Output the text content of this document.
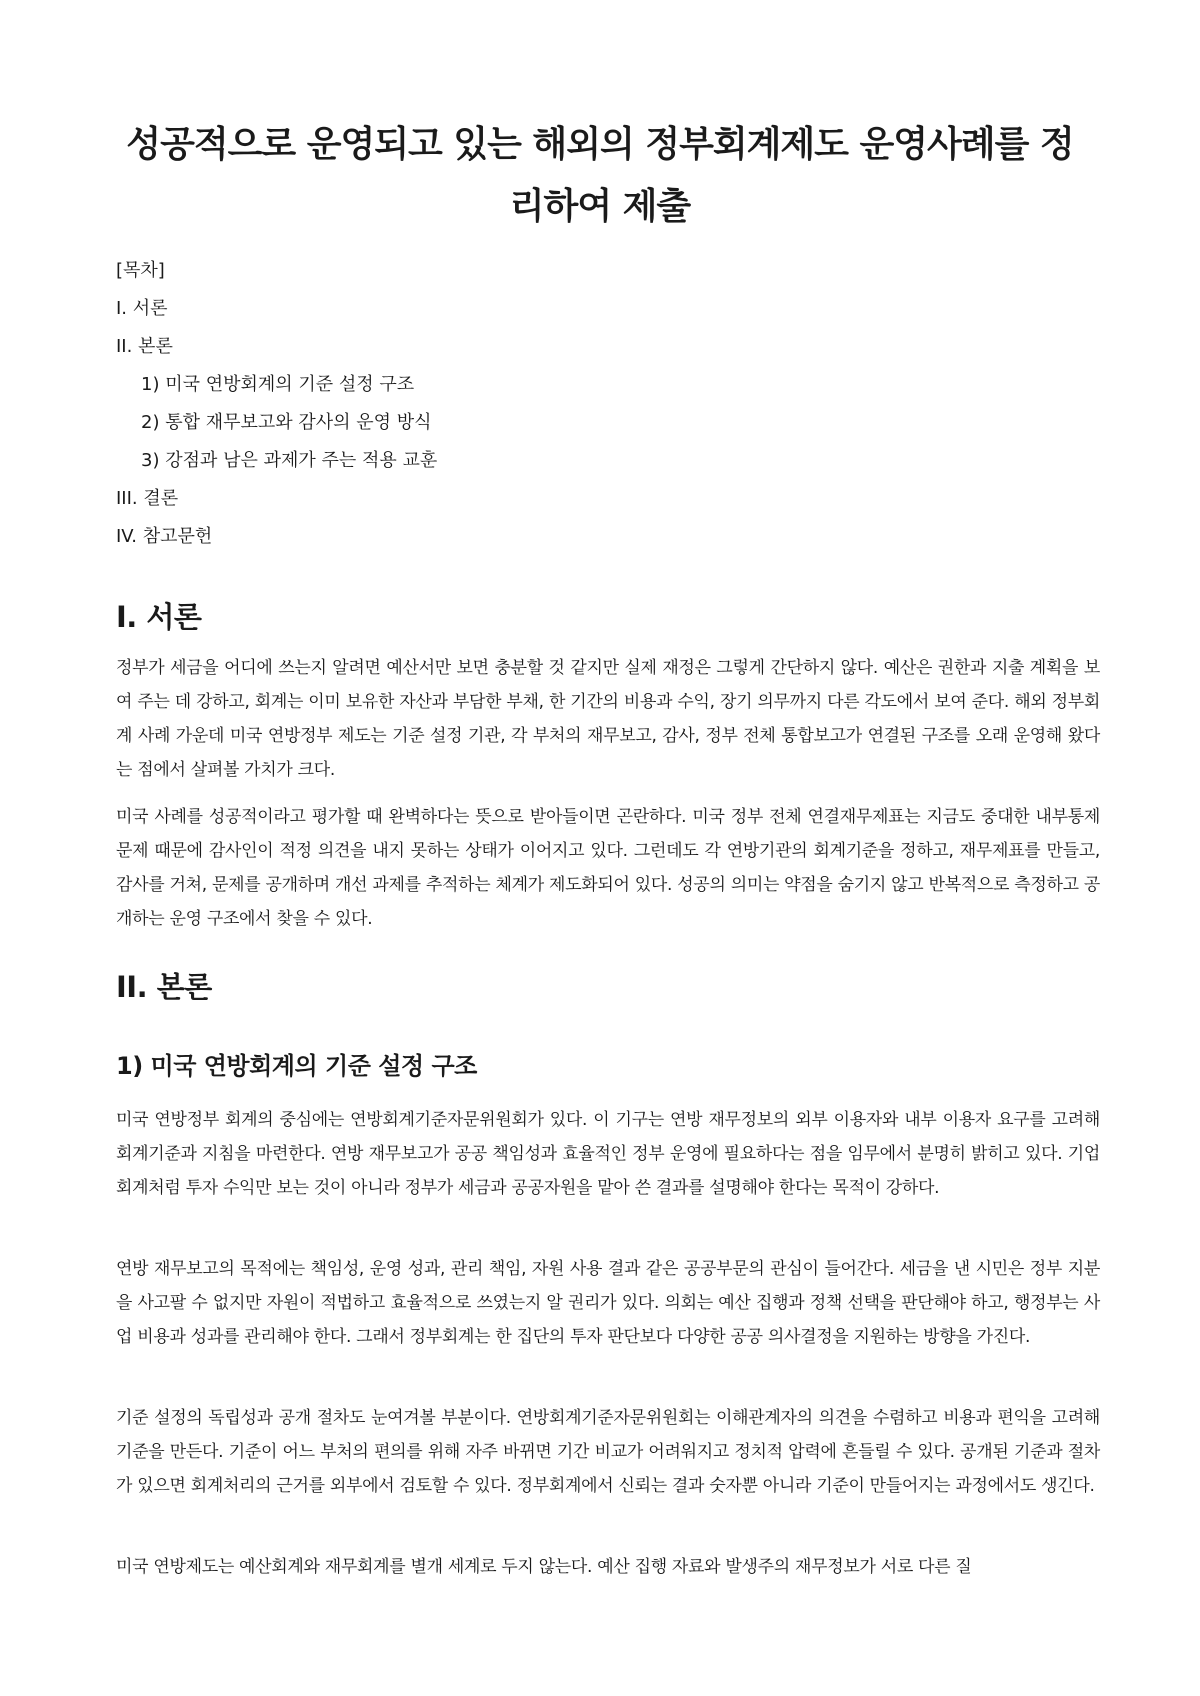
성공적으로 운영되고 있는 해외의 정부회계제도 운영사례를 정리하여 제출
[목차]
I. 서론
II. 본론
1) 미국 연방회계의 기준 설정 구조
2) 통합 재무보고와 감사의 운영 방식
3) 강점과 남은 과제가 주는 적용 교훈
III. 결론
IV. 참고문헌
I. 서론

정부가 세금을 어디에 쓰는지 알려면 예산서만 보면 충분할 것 같지만 실제 재정은 그렇게 간단하지 않다. 예산은 권한과 지출 계획을 보여 주는 데 강하고, 회계는 이미 보유한 자산과 부담한 부채, 한 기간의 비용과 수익, 장기 의무까지 다른 각도에서 보여 준다. 해외 정부회계 사례 가운데 미국 연방정부 제도는 기준 설정 기관, 각 부처의 재무보고, 감사, 정부 전체 통합보고가 연결된 구조를 오래 운영해 왔다는 점에서 살펴볼 가치가 크다.

미국 사례를 성공적이라고 평가할 때 완벽하다는 뜻으로 받아들이면 곤란하다. 미국 정부 전체 연결재무제표는 지금도 중대한 내부통제 문제 때문에 감사인이 적정 의견을 내지 못하는 상태가 이어지고 있다. 그런데도 각 연방기관의 회계기준을 정하고, 재무제표를 만들고, 감사를 거쳐, 문제를 공개하며 개선 과제를 추적하는 체계가 제도화되어 있다. 성공의 의미는 약점을 숨기지 않고 반복적으로 측정하고 공개하는 운영 구조에서 찾을 수 있다.

II. 본론
1) 미국 연방회계의 기준 설정 구조

미국 연방정부 회계의 중심에는 연방회계기준자문위원회가 있다. 이 기구는 연방 재무정보의 외부 이용자와 내부 이용자 요구를 고려해 회계기준과 지침을 마련한다. 연방 재무보고가 공공 책임성과 효율적인 정부 운영에 필요하다는 점을 임무에서 분명히 밝히고 있다. 기업회계처럼 투자 수익만 보는 것이 아니라 정부가 세금과 공공자원을 맡아 쓴 결과를 설명해야 한다는 목적이 강하다.

연방 재무보고의 목적에는 책임성, 운영 성과, 관리 책임, 자원 사용 결과 같은 공공부문의 관심이 들어간다. 세금을 낸 시민은 정부 지분을 사고팔 수 없지만 자원이 적법하고 효율적으로 쓰였는지 알 권리가 있다. 의회는 예산 집행과 정책 선택을 판단해야 하고, 행정부는 사업 비용과 성과를 관리해야 한다. 그래서 정부회계는 한 집단의 투자 판단보다 다양한 공공 의사결정을 지원하는 방향을 가진다.

기준 설정의 독립성과 공개 절차도 눈여겨볼 부분이다. 연방회계기준자문위원회는 이해관계자의 의견을 수렴하고 비용과 편익을 고려해 기준을 만든다. 기준이 어느 부처의 편의를 위해 자주 바뀌면 기간 비교가 어려워지고 정치적 압력에 흔들릴 수 있다. 공개된 기준과 절차가 있으면 회계처리의 근거를 외부에서 검토할 수 있다. 정부회계에서 신뢰는 결과 숫자뿐 아니라 기준이 만들어지는 과정에서도 생긴다.

미국 연방제도는 예산회계와 재무회계를 별개 세계로 두지 않는다. 예산 집행 자료와 발생주의 재무정보가 서로 다른 질
